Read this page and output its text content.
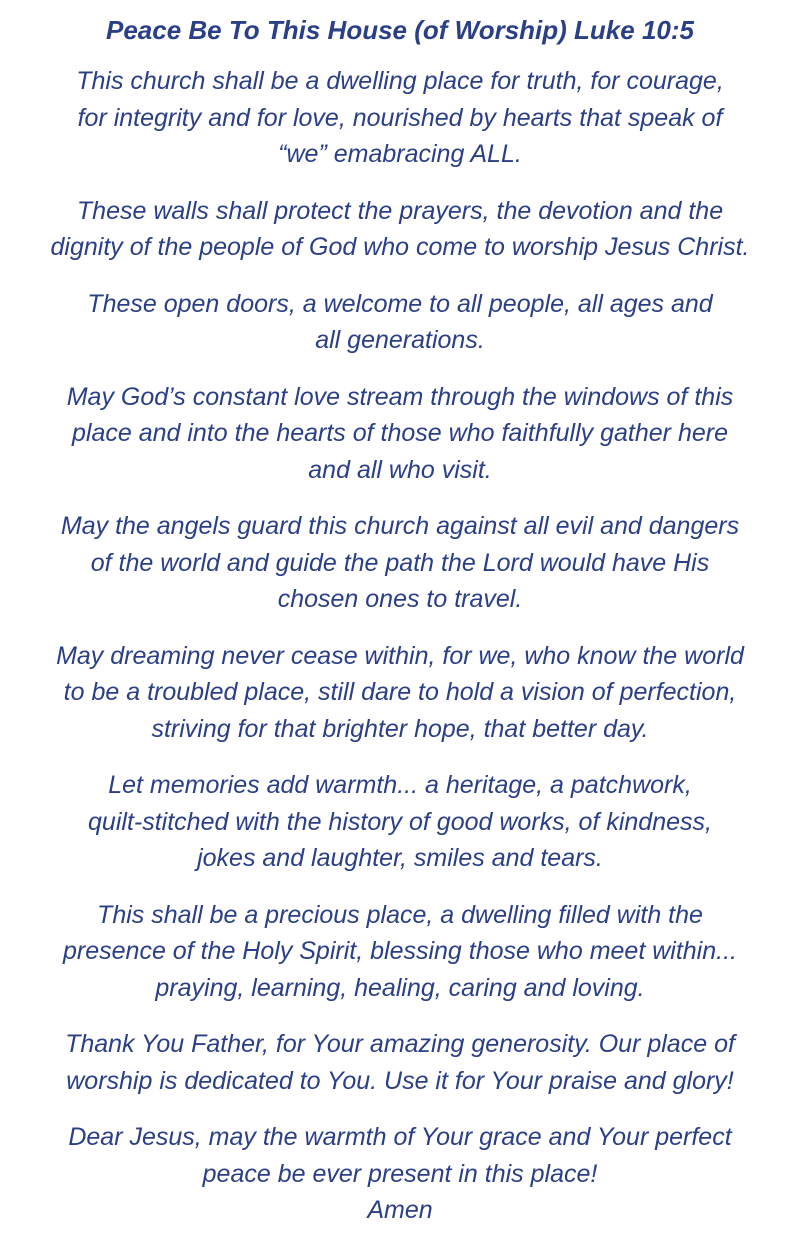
Peace Be To This House (of Worship) Luke 10:5

This church shall be a dwelling place for truth, for courage,
for integrity and for love, nourished by hearts that speak of
“we” emabracing ALL.

These walls shall protect the prayers, the devotion and the
dignity of the people of God who come to worship Jesus Christ.

These open doors, a welcome to all people, all ages and
all generations.

May God’s constant love stream through the windows of this
place and into the hearts of those who faithfully gather here
and all who visit.

May the angels guard this church against all evil and dangers
of the world and guide the path the Lord would have His
chosen ones to travel.

May dreaming never cease within, for we, who know the world
to be a troubled place, still dare to hold a vision of perfection,
striving for that brighter hope, that better day.

Let memories add warmth... a heritage, a patchwork,
quilt-stitched with the history of good works, of kindness,
jokes and laughter, smiles and tears.

This shall be a precious place, a dwelling filled with the
presence of the Holy Spirit, blessing those who meet within...
praying, learning, healing, caring and loving.

Thank You Father, for Your amazing generosity. Our place of
worship is dedicated to You. Use it for Your praise and glory!

Dear Jesus, may the warmth of Your grace and Your perfect
peace be ever present in this place!
Amen
